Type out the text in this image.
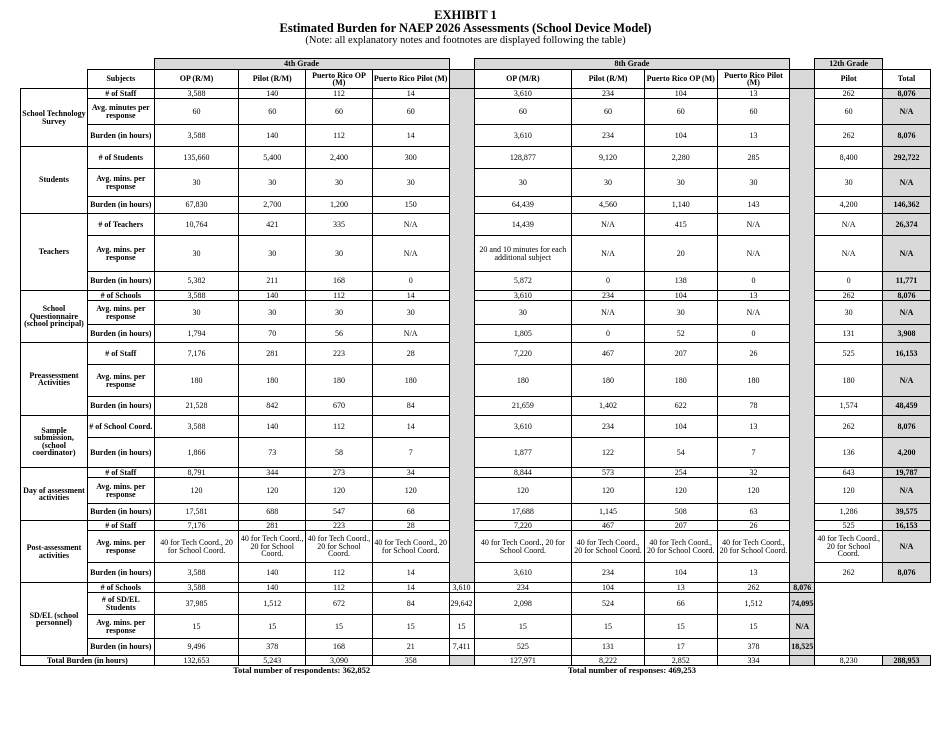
EXHIBIT 1
Estimated Burden for NAEP 2026 Assessments (School Device Model)
(Note: all explanatory notes and footnotes are displayed following the table)
		4th Grade					8th Grade					12th Grade	
	Subjects	OP (R/M)	Pilot (R/M)	Puerto Rico OP (M)	Puerto Rico Pilot (M)		OP (M/R)	Pilot (R/M)	Puerto Rico OP (M)	Puerto Rico Pilot (M)		Pilot	Total
School Technology Survey	# of Staff	3,588	140	112	14		3,610	234	104	13		262	8,076
	Avg. minutes per response	60	60	60	60		60	60	60	60		60	N/A
	Burden (in hours)	3,588	140	112	14		3,610	234	104	13		262	8,076
Students	# of Students	135,660	5,400	2,400	300		128,877	9,120	2,280	285		8,400	292,722
	Avg. mins. per response	30	30	30	30		30	30	30	30		30	N/A
	Burden (in hours)	67,830	2,700	1,200	150		64,439	4,560	1,140	143		4,200	146,362
Teachers	# of Teachers	10,764	421	335	N/A		14,439	N/A	415	N/A		N/A	26,374
	Avg. mins. per response	30	30	30	N/A		20 and 10 minutes for each additional subject	N/A	20	N/A		N/A	N/A
	Burden (in hours)	5,382	211	168	0		5,872	0	138	0		0	11,771
School Questionnaire (school principal)	# of Schools	3,588	140	112	14		3,610	234	104	13		262	8,076
	Avg. mins. per response	30	30	30	30		30	N/A	30	N/A		30	N/A
	Burden (in hours)	1,794	70	56	N/A		1,805	0	52	0		131	3,908
Preassessment Activities	# of Staff	7,176	281	223	28		7,220	467	207	26		525	16,153
	Avg. mins. per response	180	180	180	180		180	180	180	180		180	N/A
	Burden (in hours)	21,528	842	670	84		21,659	1,402	622	78		1,574	48,459
Sample submission, (school coordinator)	# of School Coord.	3,588	140	112	14		3,610	234	104	13		262	8,076
	Burden (in hours)	1,866	73	58	7		1,877	122	54	7		136	4,200
Day of assessment activities	# of Staff	8,791	344	273	34		8,844	573	254	32		643	19,787
	Avg. mins. per response	120	120	120	120		120	120	120	120		120	N/A
	Burden (in hours)	17,581	688	547	68		17,688	1,145	508	63		1,286	39,575
Post-assessment activities	# of Staff	7,176	281	223	28		7,220	467	207	26		525	16,153
	Avg. mins. per response	40 for Tech Coord., 20 for School Coord.	40 for Tech Coord., 20 for School Coord.	40 for Tech Coord., 20 for School Coord.	40 for Tech Coord., 20 for School Coord.		40 for Tech Coord., 20 for School Coord.	40 for Tech Coord., 20 for School Coord.	40 for Tech Coord., 20 for School Coord.	40 for Tech Coord., 20 for School Coord.		40 for Tech Coord., 20 for School Coord.	N/A
	Burden (in hours)	3,588	140	112	14		3,610	234	104	13		262	8,076
SD/EL (school personnel)	# of Schools	3,588	140	112	14	3,610	234	104	13	262	8,076		
	# of SD/EL Students	37,985	1,512	672	84	29,642	2,098	524	66	1,512	74,095		
	Avg. mins. per response	15	15	15	15	15	15	15	15	15	N/A		
	Burden (in hours)	9,496	378	168	21	7,411	525	131	17	378	18,525		
Total Burden (in hours)		132,653	5,243	3,090	358		127,971	8,222	2,852	334		8,230	288,953
		Total number of respondents: 362,852					Total number of responses: 469,253						
